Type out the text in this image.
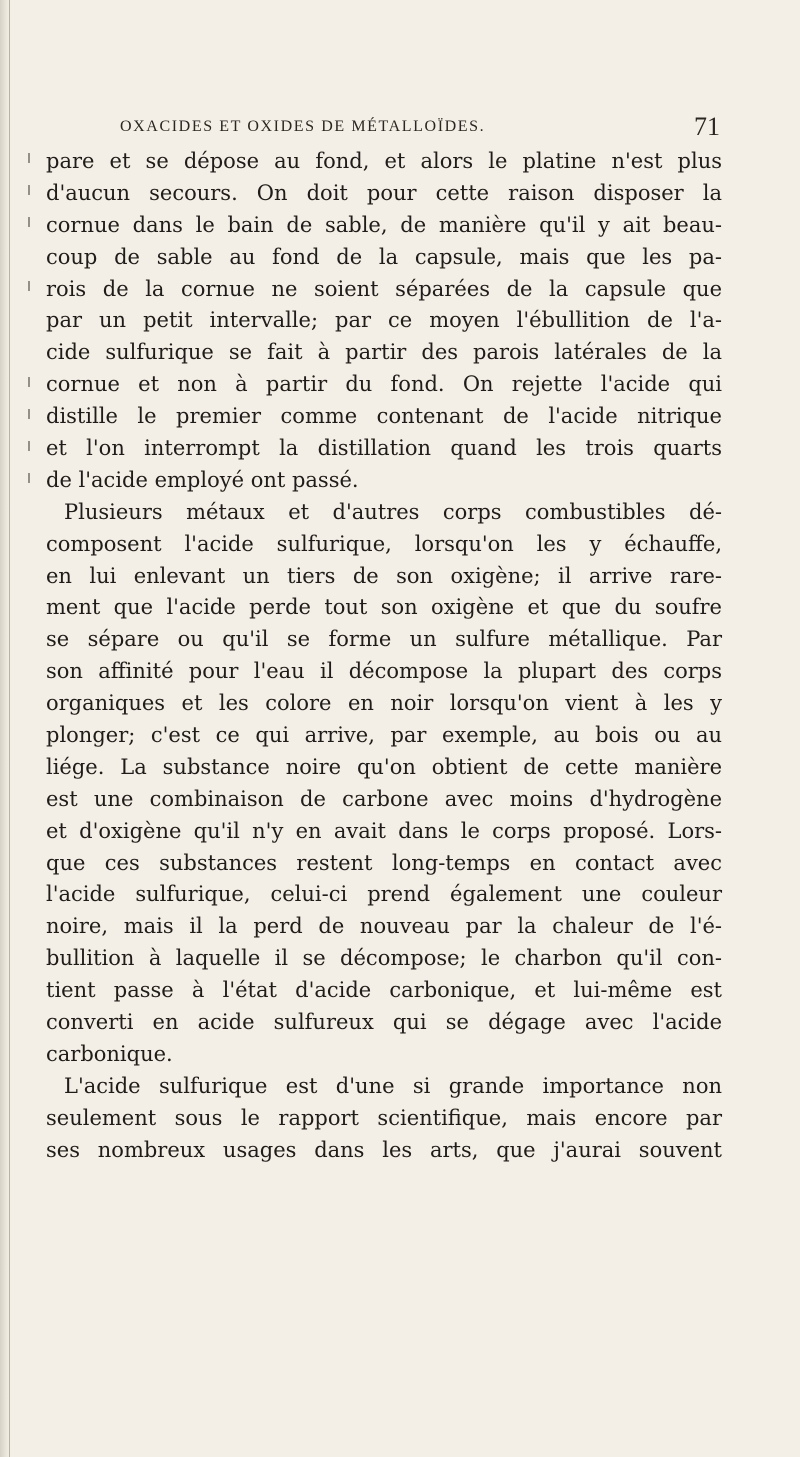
OXACIDES ET OXIDES DE MÉTALLOÏDES.	71
pare et se dépose au fond, et alors le platine n'est plus
d'aucun secours. On doit pour cette raison disposer la
cornue dans le bain de sable, de manière qu'il y ait beau-
coup de sable au fond de la capsule, mais que les pa-
rois de la cornue ne soient séparées de la capsule que
par un petit intervalle; par ce moyen l'ébullition de l'a-
cide sulfurique se fait à partir des parois latérales de la
cornue et non à partir du fond. On rejette l'acide qui
distille le premier comme contenant de l'acide nitrique
et l'on interrompt la distillation quand les trois quarts
de l'acide employé ont passé.
Plusieurs métaux et d'autres corps combustibles dé-
composent l'acide sulfurique, lorsqu'on les y échauffe,
en lui enlevant un tiers de son oxigène; il arrive rare-
ment que l'acide perde tout son oxigène et que du soufre
se sépare ou qu'il se forme un sulfure métallique. Par
son affinité pour l'eau il décompose la plupart des corps
organiques et les colore en noir lorsqu'on vient à les y
plonger; c'est ce qui arrive, par exemple, au bois ou au
liége. La substance noire qu'on obtient de cette manière
est une combinaison de carbone avec moins d'hydrogène
et d'oxigène qu'il n'y en avait dans le corps proposé. Lors-
que ces substances restent long-temps en contact avec
l'acide sulfurique, celui-ci prend également une couleur
noire, mais il la perd de nouveau par la chaleur de l'é-
bullition à laquelle il se décompose; le charbon qu'il con-
tient passe à l'état d'acide carbonique, et lui-même est
converti en acide sulfureux qui se dégage avec l'acide
carbonique.
L'acide sulfurique est d'une si grande importance non
seulement sous le rapport scientifique, mais encore par
ses nombreux usages dans les arts, que j'aurai souvent
